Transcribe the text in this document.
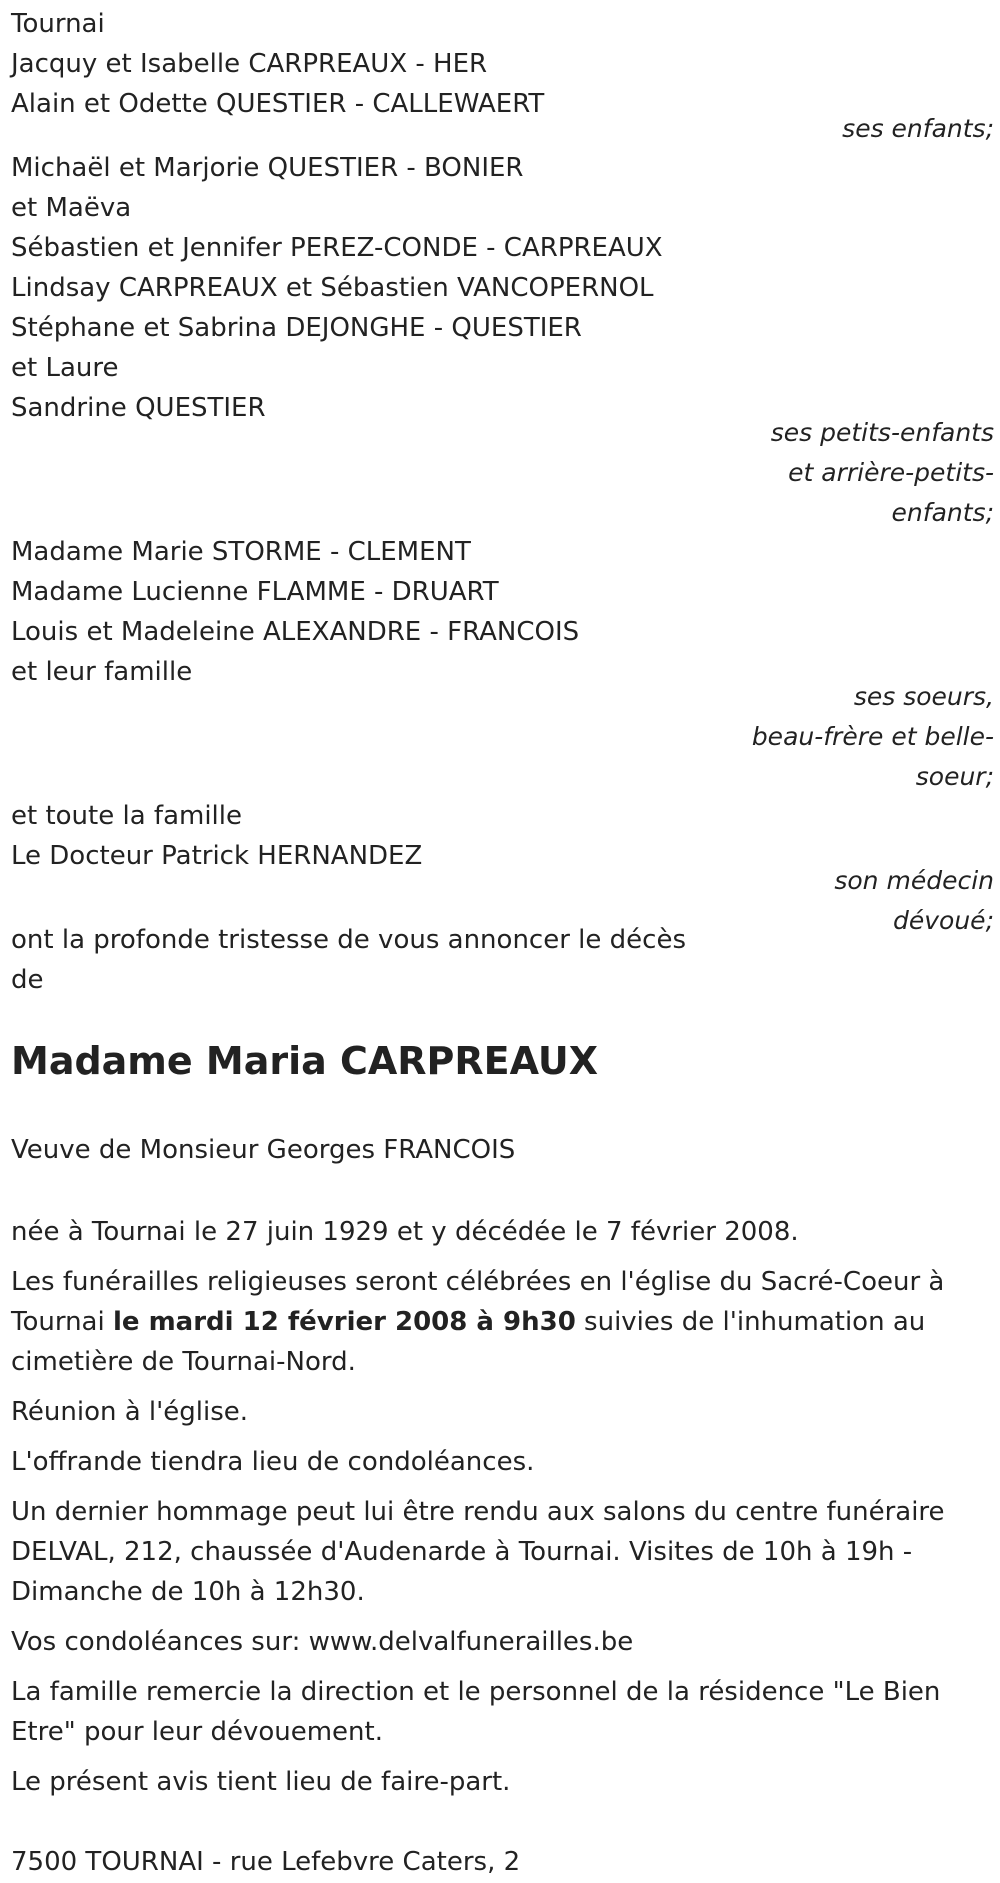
Tournai
Jacquy et Isabelle CARPREAUX - HER
Alain et Odette QUESTIER - CALLEWAERT
ses enfants;
Michaël et Marjorie QUESTIER - BONIER
et Maëva
Sébastien et Jennifer PEREZ-CONDE - CARPREAUX
Lindsay CARPREAUX et Sébastien VANCOPERNOL
Stéphane et Sabrina DEJONGHE - QUESTIER
et Laure
Sandrine QUESTIER
ses petits-enfants
et arrière-petits-
enfants;
Madame Marie STORME - CLEMENT
Madame Lucienne FLAMME - DRUART
Louis et Madeleine ALEXANDRE - FRANCOIS
et leur famille
ses soeurs,
beau-frère et belle-
soeur;
et toute la famille
Le Docteur Patrick HERNANDEZ
son médecin
dévoué;
ont la profonde tristesse de vous annoncer le décès
de
Madame Maria CARPREAUX
Veuve de Monsieur Georges FRANCOIS
née à Tournai le 27 juin 1929 et y décédée le 7 février 2008.
Les funérailles religieuses seront célébrées en l'église du Sacré-Coeur à Tournai le mardi 12 février 2008 à 9h30 suivies de l'inhumation au cimetière de Tournai-Nord.
Réunion à l'église.
L'offrande tiendra lieu de condoléances.
Un dernier hommage peut lui être rendu aux salons du centre funéraire DELVAL, 212, chaussée d'Audenarde à Tournai. Visites de 10h à 19h - Dimanche de 10h à 12h30.
Vos condoléances sur: www.delvalfunerailles.be
La famille remercie la direction et le personnel de la résidence "Le Bien Etre" pour leur dévouement.
Le présent avis tient lieu de faire-part.
7500 TOURNAI - rue Lefebvre Caters, 2
